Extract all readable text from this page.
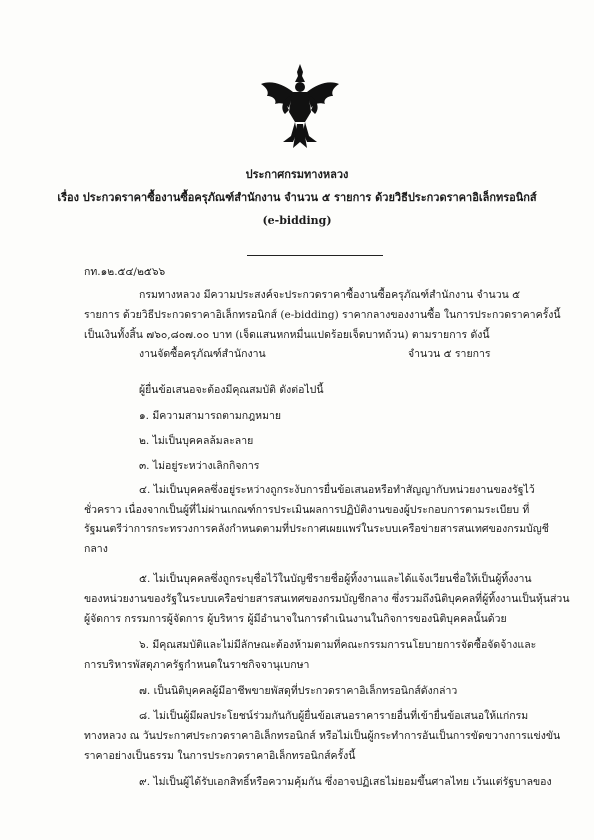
ประกาศกรมทางหลวง
เรื่อง ประกวดราคาซื้องานซื้อครุภัณฑ์สำนักงาน จำนวน ๕ รายการ ด้วยวิธีประกวดราคาอิเล็กทรอนิกส์
(e-bidding)
กท.๑๒.๕๔/๒๕๖๖
กรมทางหลวง มีความประสงค์จะประกวดราคาซื้องานซื้อครุภัณฑ์สำนักงาน จำนวน ๕
รายการ ด้วยวิธีประกวดราคาอิเล็กทรอนิกส์ (e-bidding) ราคากลางของงานซื้อ ในการประกวดราคาครั้งนี้
เป็นเงินทั้งสิ้น ๗๖๐,๘๐๗.๐๐ บาท (เจ็ดแสนหกหมื่นแปดร้อยเจ็ดบาทถ้วน) ตามรายการ ดังนี้
งานจัดซื้อครุภัณฑ์สำนักงาน	จำนวน ๕ รายการ
ผู้ยื่นข้อเสนอจะต้องมีคุณสมบัติ ดังต่อไปนี้
๑. มีความสามารถตามกฎหมาย
๒. ไม่เป็นบุคคลล้มละลาย
๓. ไม่อยู่ระหว่างเลิกกิจการ
๔. ไม่เป็นบุคคลซึ่งอยู่ระหว่างถูกระงับการยื่นข้อเสนอหรือทำสัญญากับหน่วยงานของรัฐไว้
ชั่วคราว เนื่องจากเป็นผู้ที่ไม่ผ่านเกณฑ์การประเมินผลการปฏิบัติงานของผู้ประกอบการตามระเบียบ ที่
รัฐมนตรีว่าการกระทรวงการคลังกำหนดตามที่ประกาศเผยแพร่ในระบบเครือข่ายสารสนเทศของกรมบัญชี
กลาง
๕. ไม่เป็นบุคคลซึ่งถูกระบุชื่อไว้ในบัญชีรายชื่อผู้ทิ้งงานและได้แจ้งเวียนชื่อให้เป็นผู้ทิ้งงาน
ของหน่วยงานของรัฐในระบบเครือข่ายสารสนเทศของกรมบัญชีกลาง ซึ่งรวมถึงนิติบุคคลที่ผู้ทิ้งงานเป็นหุ้นส่วน
ผู้จัดการ กรรมการผู้จัดการ ผู้บริหาร ผู้มีอำนาจในการดำเนินงานในกิจการของนิติบุคคลนั้นด้วย
๖. มีคุณสมบัติและไม่มีลักษณะต้องห้ามตามที่คณะกรรมการนโยบายการจัดซื้อจัดจ้างและ
การบริหารพัสดุภาครัฐกำหนดในราชกิจจานุเบกษา
๗. เป็นนิติบุคคลผู้มีอาชีพขายพัสดุที่ประกวดราคาอิเล็กทรอนิกส์ดังกล่าว
๘. ไม่เป็นผู้มีผลประโยชน์ร่วมกันกับผู้ยื่นข้อเสนอราคารายอื่นที่เข้ายื่นข้อเสนอให้แก่กรม
ทางหลวง ณ วันประกาศประกวดราคาอิเล็กทรอนิกส์ หรือไม่เป็นผู้กระทำการอันเป็นการขัดขวางการแข่งขัน
ราคาอย่างเป็นธรรม ในการประกวดราคาอิเล็กทรอนิกส์ครั้งนี้
๙. ไม่เป็นผู้ได้รับเอกสิทธิ์หรือความคุ้มกัน ซึ่งอาจปฏิเสธไม่ยอมขึ้นศาลไทย เว้นแต่รัฐบาลของ
